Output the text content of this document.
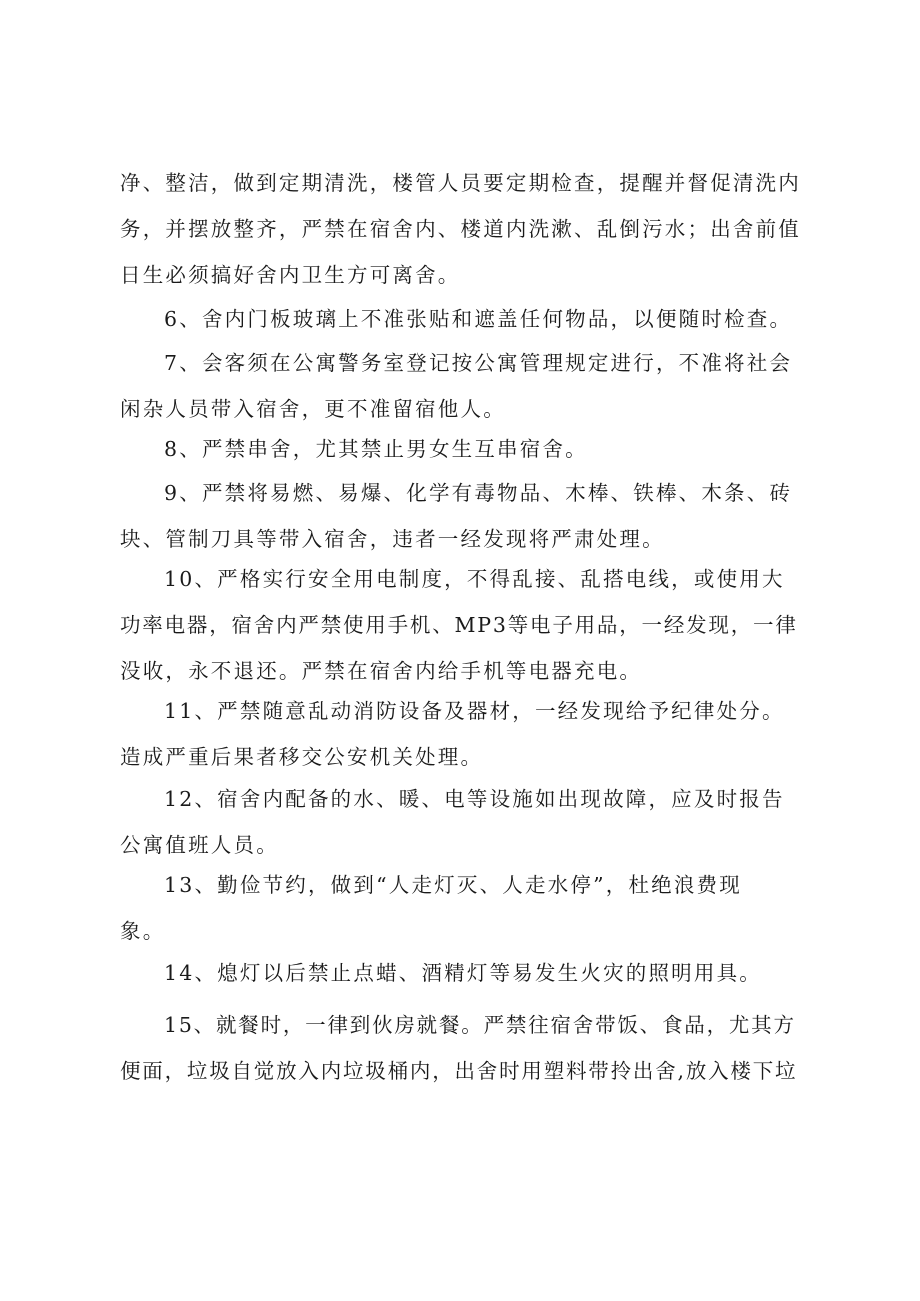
净、整洁，做到定期清洗，楼管人员要定期检查，提醒并督促清洗内
务，并摆放整齐，严禁在宿舍内、楼道内洗漱、乱倒污水；出舍前值
日生必须搞好舍内卫生方可离舍。

6、舍内门板玻璃上不准张贴和遮盖任何物品，以便随时检查。

7、会客须在公寓警务室登记按公寓管理规定进行，不准将社会
闲杂人员带入宿舍，更不准留宿他人。

8、严禁串舍，尤其禁止男女生互串宿舍。

9、严禁将易燃、易爆、化学有毒物品、木棒、铁棒、木条、砖
块、管制刀具等带入宿舍，违者一经发现将严肃处理。

10、严格实行安全用电制度，不得乱接、乱搭电线，或使用大
功率电器，宿舍内严禁使用手机、MP3等电子用品，一经发现，一律
没收，永不退还。严禁在宿舍内给手机等电器充电。

11、严禁随意乱动消防设备及器材，一经发现给予纪律处分。
造成严重后果者移交公安机关处理。

12、宿舍内配备的水、暖、电等设施如出现故障，应及时报告
公寓值班人员。

13、勤俭节约，做到“人走灯灭、人走水停”，杜绝浪费现
象。

14、熄灯以后禁止点蜡、酒精灯等易发生火灾的照明用具。

15、就餐时，一律到伙房就餐。严禁往宿舍带饭、食品，尤其方
便面，垃圾自觉放入内垃圾桶内，出舍时用塑料带拎出舍,放入楼下垃
